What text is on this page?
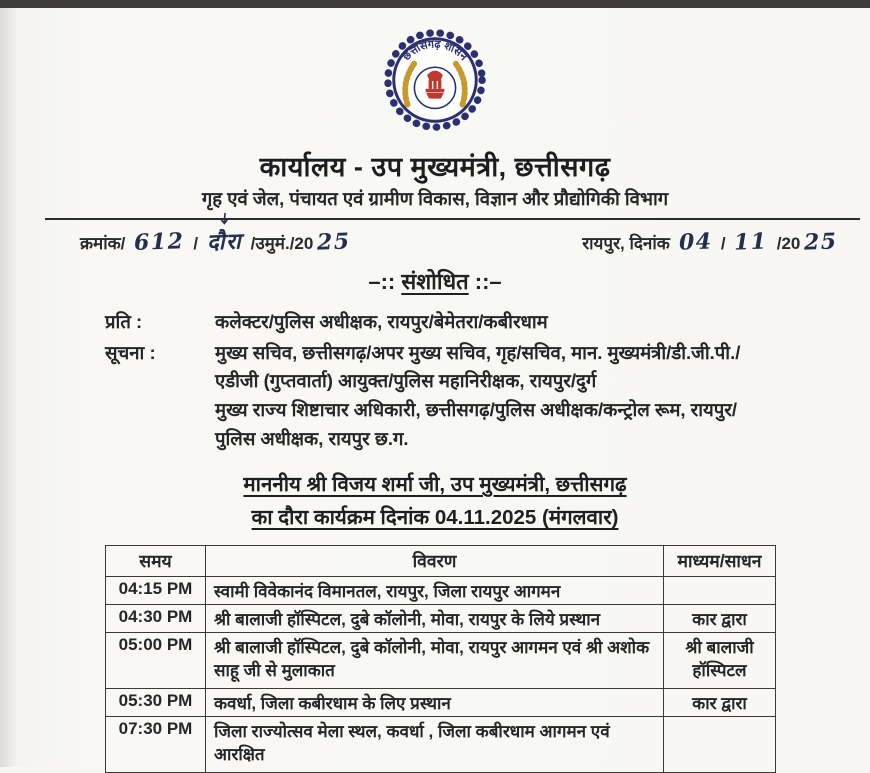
छत्तीसगढ़ शासन
कार्यालय - उप मुख्यमंत्री, छत्तीसगढ़
गृह एवं जेल, पंचायत एवं ग्रामीण विकास, विज्ञान और प्रौद्योगिकी विभाग
क्रमांक/ 612 / दौरा /उमुमं./20 25	रायपुर, दिनांक 04 / 11 /20 25
–:: संशोधित ::–
प्रति :	कलेक्टर/पुलिस अधीक्षक, रायपुर/बेमेतरा/कबीरधाम
सूचना :	मुख्य सचिव, छत्तीसगढ़/अपर मुख्य सचिव, गृह/सचिव, मान. मुख्यमंत्री/डी.जी.पी./
एडीजी (गुप्तवार्ता) आयुक्त/पुलिस महानिरीक्षक, रायपुर/दुर्ग
मुख्य राज्य शिष्टाचार अधिकारी, छत्तीसगढ़/पुलिस अधीक्षक/कन्ट्रोल रूम, रायपुर/
पुलिस अधीक्षक, रायपुर छ.ग.
माननीय श्री विजय शर्मा जी, उप मुख्यमंत्री, छत्तीसगढ़
का दौरा कार्यक्रम दिनांक 04.11.2025 (मंगलवार)
समय	विवरण	माध्यम/साधन
04:15 PM	स्वामी विवेकानंद विमानतल, रायपुर, जिला रायपुर आगमन	
04:30 PM	श्री बालाजी हॉस्पिटल, दुबे कॉलोनी, मोवा, रायपुर के लिये प्रस्थान	कार द्वारा
05:00 PM	श्री बालाजी हॉस्पिटल, दुबे कॉलोनी, मोवा, रायपुर आगमन एवं श्री अशोक साहू जी से मुलाकात	श्री बालाजी हॉस्पिटल
05:30 PM	कवर्धा, जिला कबीरधाम के लिए प्रस्थान	कार द्वारा
07:30 PM	जिला राज्योत्सव मेला स्थल, कवर्धा , जिला कबीरधाम आगमन एवं आरक्षित	
